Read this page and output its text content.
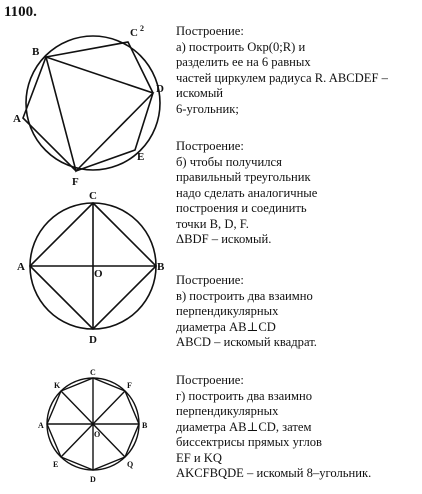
1100.
B
C 2
D
A
F
E
C
A
O
B
D
C
K	F
A
O
B
E	Q
D
Построение:
а) построить Окр(0;R) и
разделить ее на 6 равных
частей циркулем радиуса R. ABCDEF –
искомый
6-угольник;
Построение:
б) чтобы получился
правильный треугольник
надо сделать аналогичные
построения и соединить
точки B, D, F.
ΔBDF – искомый.
Построение:
в) построить два взаимно
перпендикулярных
диаметра AB⊥CD
ABCD – искомый квадрат.
Построение:
г) построить два взаимно
перпендикулярных
диаметра AB⊥CD, затем
биссектрисы прямых углов
EF и KQ
AKCFBQDE – искомый 8–угольник.
